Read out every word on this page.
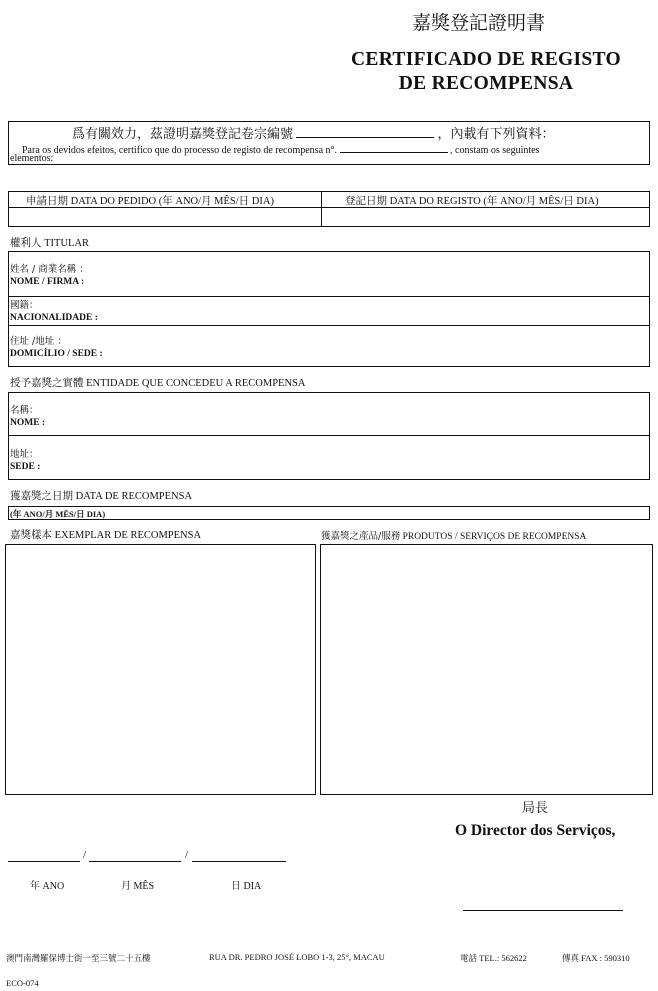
嘉獎登記證明書
CERTIFICADO DE REGISTO
DE RECOMPENSA
爲有關效力，茲證明嘉獎登記卷宗編號	，內載有下列資料：
Para os devidos efeitos, certifico que do processo de registo de recompensa n°.	, constam os seguintes
elementos:
申請日期 DATA DO PEDIDO (年 ANO/月 MÊS/日 DIA)	登記日期 DATA DO REGISTO (年 ANO/月 MÊS/日 DIA)
權利人 TITULAR
姓名 / 商業名稱 ：
NOME / FIRMA :
國籍：
NACIONALIDADE :
住址 /地址 ：
DOMICÍLIO / SEDE :
授予嘉獎之實體 ENTIDADE QUE CONCEDEU A RECOMPENSA
名稱：
NOME :
地址：
SEDE :
獲嘉獎之日期 DATA DE RECOMPENSA
(年 ANO/月 MÊS/日 DIA)
嘉獎樣本 EXEMPLAR DE RECOMPENSA	獲嘉獎之產品/服務 PRODUTOS / SERVIÇOS DE RECOMPENSA
局長
O Director dos Serviços,
/	/
年 ANO	月 MÊS	日 DIA
澳門南灣羅保博士街一至三號二十五樓	RUA DR. PEDRO JOSÉ LOBO 1-3, 25°, MACAU	電話 TEL.: 562622	傳真 FAX : 590310
ECO-074
